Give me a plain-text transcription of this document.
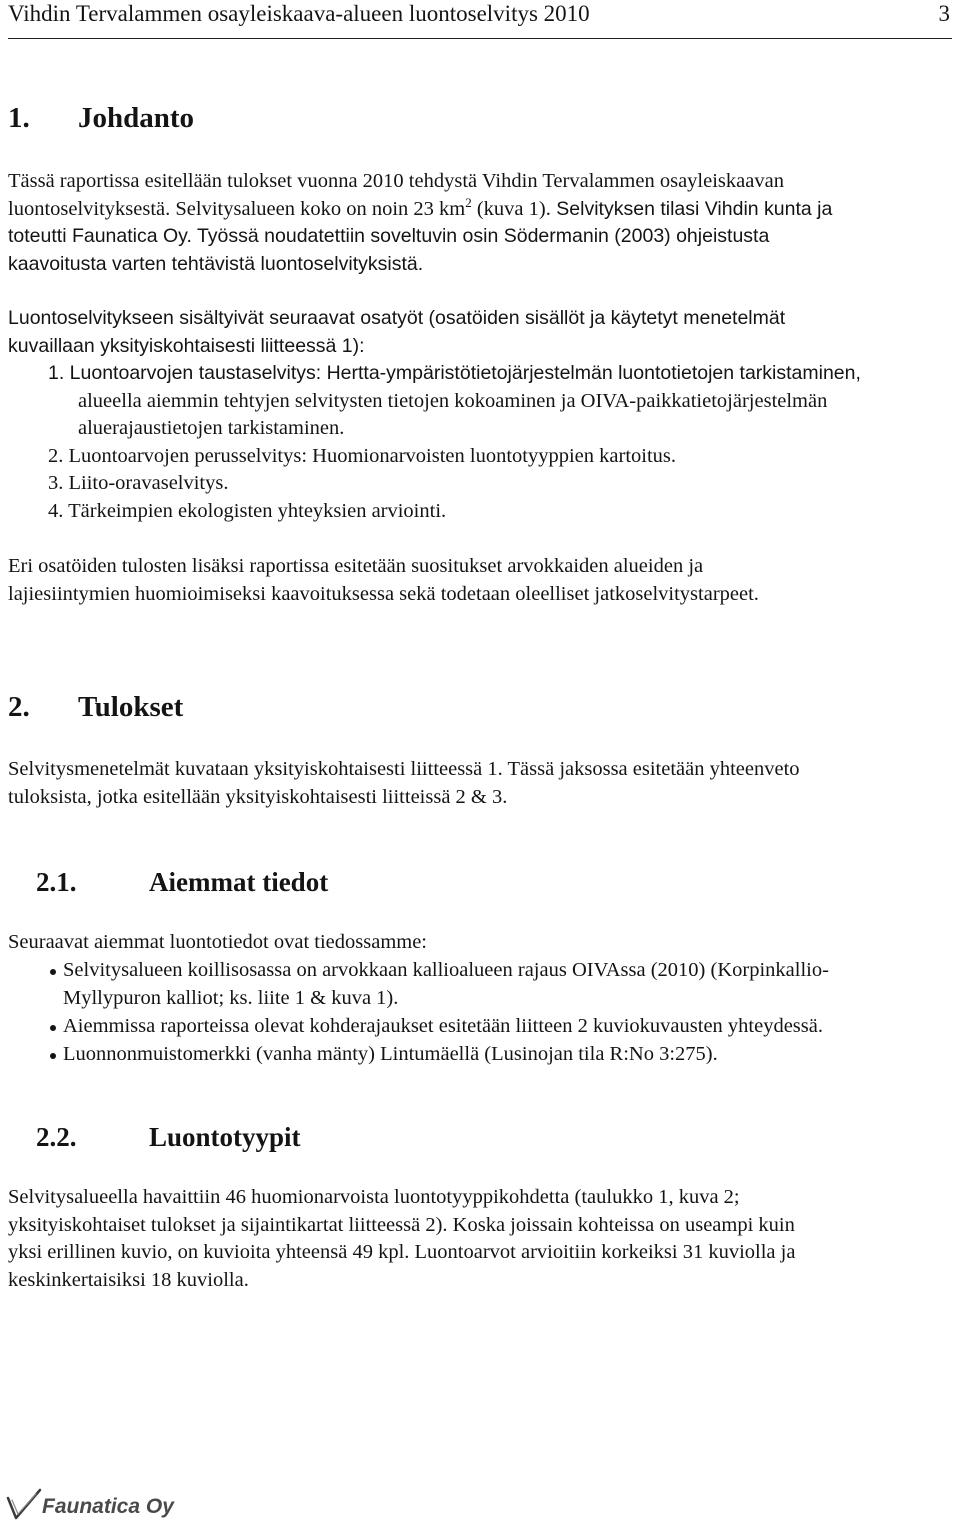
Vihdin Tervalammen osayleiskaava-alueen luontoselvitys 2010	3
1. Johdanto
Tässä raportissa esitellään tulokset vuonna 2010 tehdystä Vihdin Tervalammen osayleiskaavan
luontoselvityksestä. Selvitysalueen koko on noin 23 $km^2$ (kuva 1). Selvityksen tilasi Vihdin kunta ja
toteutti Faunatica Oy. Työssä noudatettiin soveltuvin osin Södermanin (2003) ohjeistusta
kaavoitusta varten tehtävistä luontoselvityksistä.
Luontoselvitykseen sisältyivät seuraavat osatyöt (osatöiden sisällöt ja käytetyt menetelmät
kuvaillaan yksityiskohtaisesti liitteessä 1):
1. Luontoarvojen taustaselvitys: Hertta-ympäristötietojärjestelmän luontotietojen tarkistaminen,
alueella aiemmin tehtyjen selvitysten tietojen kokoaminen ja OIVA-paikkatietojärjestelmän
aluerajaustietojen tarkistaminen.
2. Luontoarvojen perusselvitys: Huomionarvoisten luontotyyppien kartoitus.
3. Liito-oravaselvitys.
4. Tärkeimpien ekologisten yhteyksien arviointi.
Eri osatöiden tulosten lisäksi raportissa esitetään suositukset arvokkaiden alueiden ja
lajiesiintymien huomioimiseksi kaavoituksessa sekä todetaan oleelliset jatkoselvitystarpeet.
2. Tulokset
Selvitysmenetelmät kuvataan yksityiskohtaisesti liitteessä 1. Tässä jaksossa esitetään yhteenveto
tuloksista, jotka esitellään yksityiskohtaisesti liitteissä 2 & 3.
2.1.	Aiemmat tiedot
Seuraavat aiemmat luontotiedot ovat tiedossamme:
Selvitysalueen koillisosassa on arvokkaan kallioalueen rajaus OIVAssa (2010) (Korpinkallio-
Myllypuron kalliot; ks. liite 1 & kuva 1).
Aiemmissa raporteissa olevat kohderajaukset esitetään liitteen 2 kuviokuvausten yhteydessä.
Luonnonmuistomerkki (vanha mänty) Lintumäellä (Lusinojan tila R:No 3:275).
2.2.	Luontotyypit
Selvitysalueella havaittiin 46 huomionarvoista luontotyyppikohdetta (taulukko 1, kuva 2;
yksityiskohtaiset tulokset ja sijaintikartat liitteessä 2). Koska joissain kohteissa on useampi kuin
yksi erillinen kuvio, on kuvioita yhteensä 49 kpl. Luontoarvot arvioitiin korkeiksi 31 kuviolla ja
keskinkertaisiksi 18 kuviolla.
Faunatica Oy
